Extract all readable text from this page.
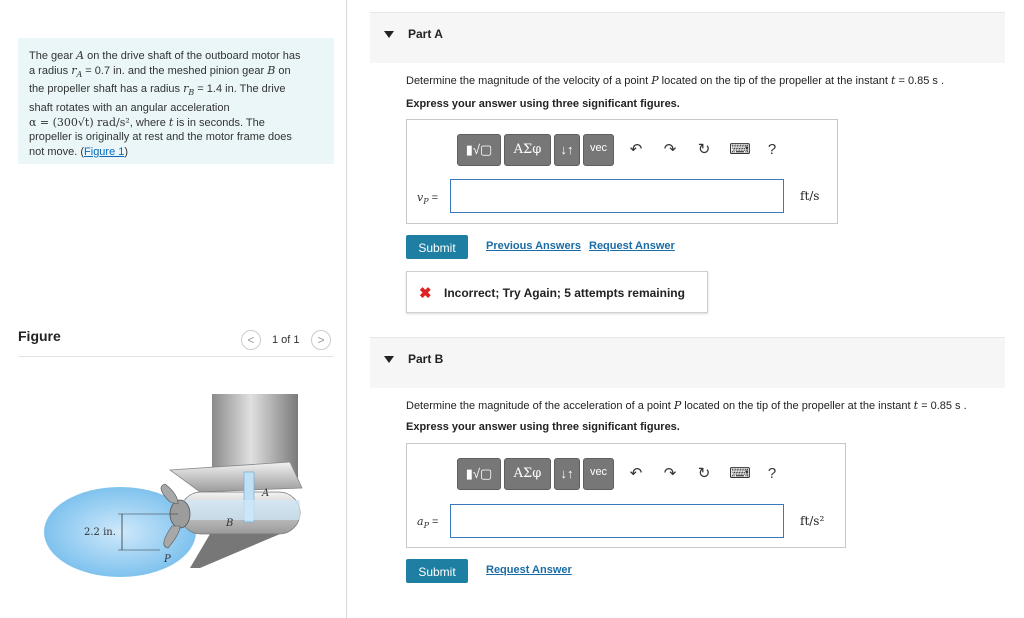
The gear A on the drive shaft of the outboard motor has
a radius $r_A = 0.7$ in. and the meshed pinion gear B on
the propeller shaft has a radius $r_B = 1.4$ in. The drive
shaft rotates with an angular acceleration
α = (300√t) rad/s², where t is in seconds. The
propeller is originally at rest and the motor frame does
not move. (Figure 1)
Figure	<	1 of 1	>
2.2 in.
A
B
P
Part A
Determine the magnitude of the velocity of a point P located on the tip of the propeller at the instant t = 0.85 s .
Express your answer using three significant figures.
▮√▢	ΑΣφ	↓↑	vec	↶	↷	↻	⌨	?
$v_P$ =	ft/s
Submit	Previous Answers Request Answer
✖ Incorrect; Try Again; 5 attempts remaining
Part B
Determine the magnitude of the acceleration of a point P located on the tip of the propeller at the instant t = 0.85 s .
Express your answer using three significant figures.
▮√▢	ΑΣφ	↓↑	vec	↶	↷	↻	⌨	?
$a_P$ =	ft/s²
Submit	Request Answer
